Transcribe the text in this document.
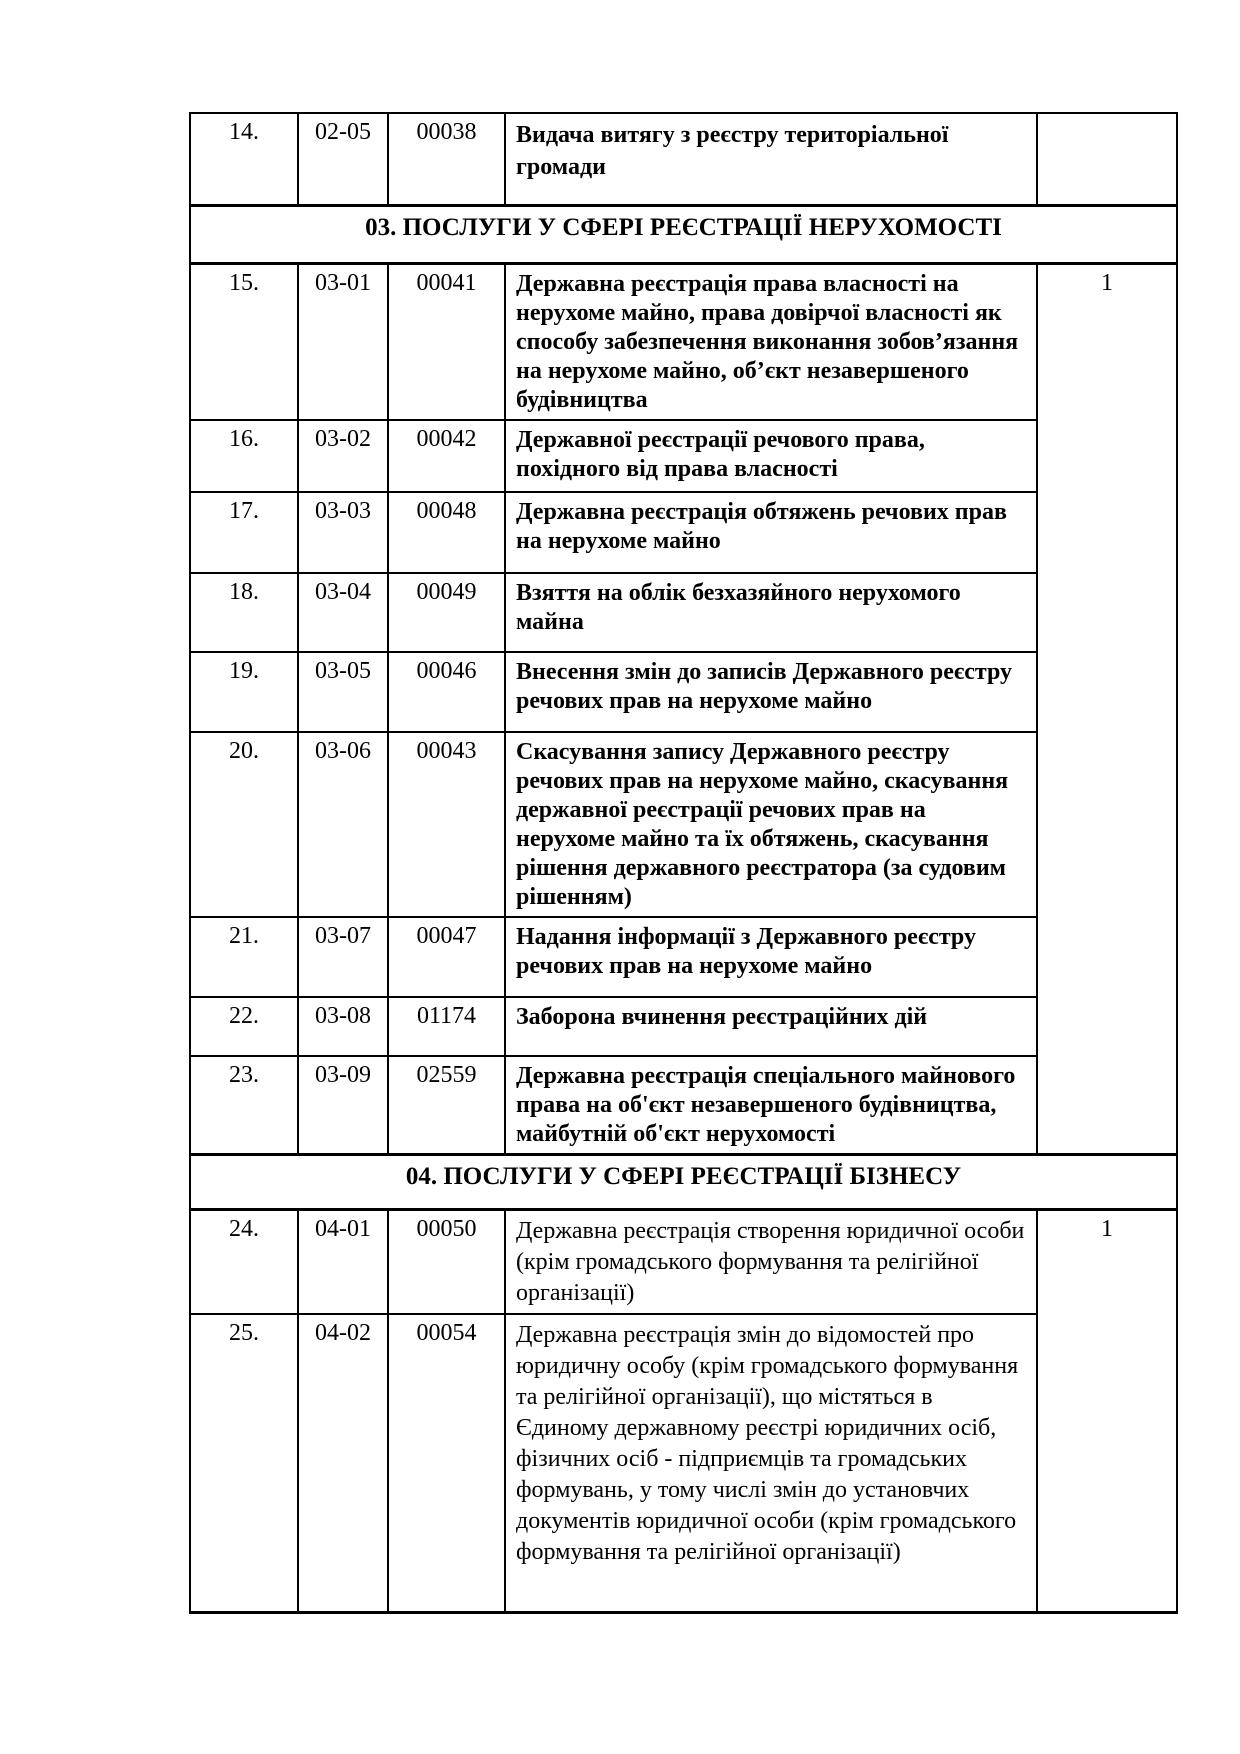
14.	02-05	00038	Видача витягу з реєстру територіальної громади	
03. ПОСЛУГИ У СФЕРІ РЕЄСТРАЦІЇ НЕРУХОМОСТІ				
15.	03-01	00041	Державна реєстрація права власності на нерухоме майно, права довірчої власності як способу забезпечення виконання зобов’язання на нерухоме майно, об’єкт незавершеного будівництва	1
16.	03-02	00042	Державної реєстрації речового права, похідного від права власності	
17.	03-03	00048	Державна реєстрація обтяжень речових прав на нерухоме майно	
18.	03-04	00049	Взяття на облік безхазяйного нерухомого майна	
19.	03-05	00046	Внесення змін до записів Державного реєстру речових прав на нерухоме майно	
20.	03-06	00043	Скасування запису Державного реєстру речових прав на нерухоме майно, скасування державної реєстрації речових прав на нерухоме майно та їх обтяжень, скасування рішення державного реєстратора (за судовим рішенням)	
21.	03-07	00047	Надання інформації з Державного реєстру речових прав на нерухоме майно	
22.	03-08	01174	Заборона вчинення реєстраційних дій	
23.	03-09	02559	Державна реєстрація спеціального майнового права на об'єкт незавершеного будівництва, майбутній об'єкт нерухомості	
04. ПОСЛУГИ У СФЕРІ РЕЄСТРАЦІЇ БІЗНЕСУ				
24.	04-01	00050	Державна реєстрація створення юридичної особи (крім громадського формування та релігійної організації)	1
25.	04-02	00054	Державна реєстрація змін до відомостей про юридичну особу (крім громадського формування та релігійної організації), що містяться в Єдиному державному реєстрі юридичних осіб, фізичних осіб - підприємців та громадських формувань, у тому числі змін до установчих документів юридичної особи (крім громадського формування та релігійної організації)	
